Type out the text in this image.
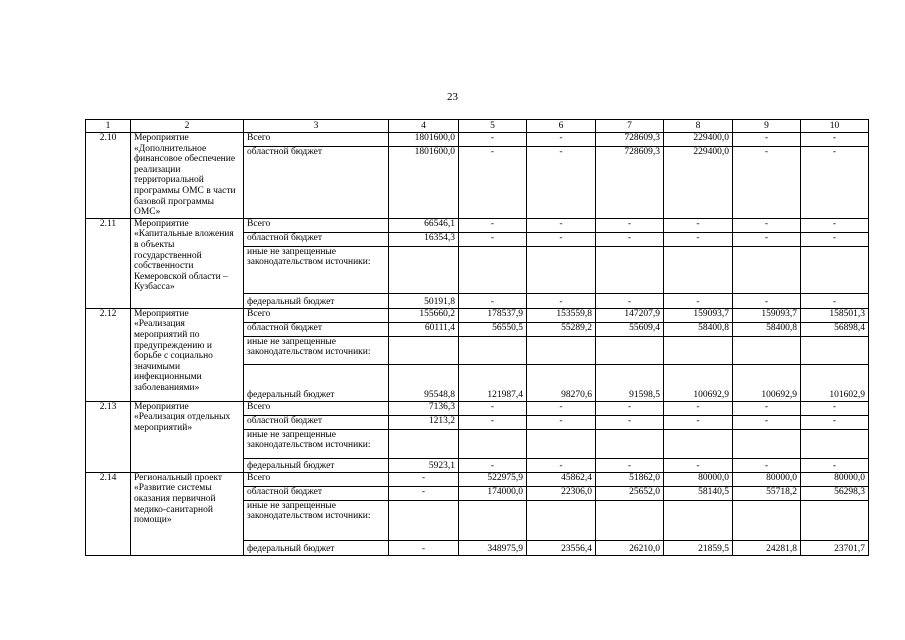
23
1	2	3	4	5	6	7	8	9	10
2.10	Мероприятие «Дополнительное финансовое обеспечение реализации территориальной программы ОМС в части базовой программы ОМС»	Всего	1801600,0	-	-	728609,3	229400,0	-	-
		областной бюджет	1801600,0	-	-	728609,3	229400,0	-	-
2.11	Мероприятие «Капитальные вложения в объекты государственной собственности Кемеровской области – Кузбасса»	Всего	66546,1	-	-	-	-	-	-
		областной бюджет	16354,3	-	-	-	-	-	-
		иные не запрещенные законодательством источники:							
		федеральный бюджет	50191,8	-	-	-	-	-	-
2.12	Мероприятие «Реализация мероприятий по предупреждению и борьбе с социально значимыми инфекционными заболеваниями»	Всего	155660,2	178537,9	153559,8	147207,9	159093,7	159093,7	158501,3
		областной бюджет	60111,4	56550,5	55289,2	55609,4	58400,8	58400,8	56898,4
		иные не запрещенные законодательством источники:							
		федеральный бюджет	95548,8	121987,4	98270,6	91598,5	100692,9	100692,9	101602,9
2.13	Мероприятие «Реализация отдельных мероприятий»	Всего	7136,3	-	-	-	-	-	-
		областной бюджет	1213,2	-	-	-	-	-	-
		иные не запрещенные законодательством источники:							
		федеральный бюджет	5923,1	-	-	-	-	-	-
2.14	Региональный проект «Развитие системы оказания первичной медико-санитарной помощи»	Всего	-	522975,9	45862,4	51862,0	80000,0	80000,0	80000,0
		областной бюджет	-	174000,0	22306,0	25652,0	58140,5	55718,2	56298,3
		иные не запрещенные законодательством источники:							
		федеральный бюджет	-	348975,9	23556,4	26210,0	21859,5	24281,8	23701,7
